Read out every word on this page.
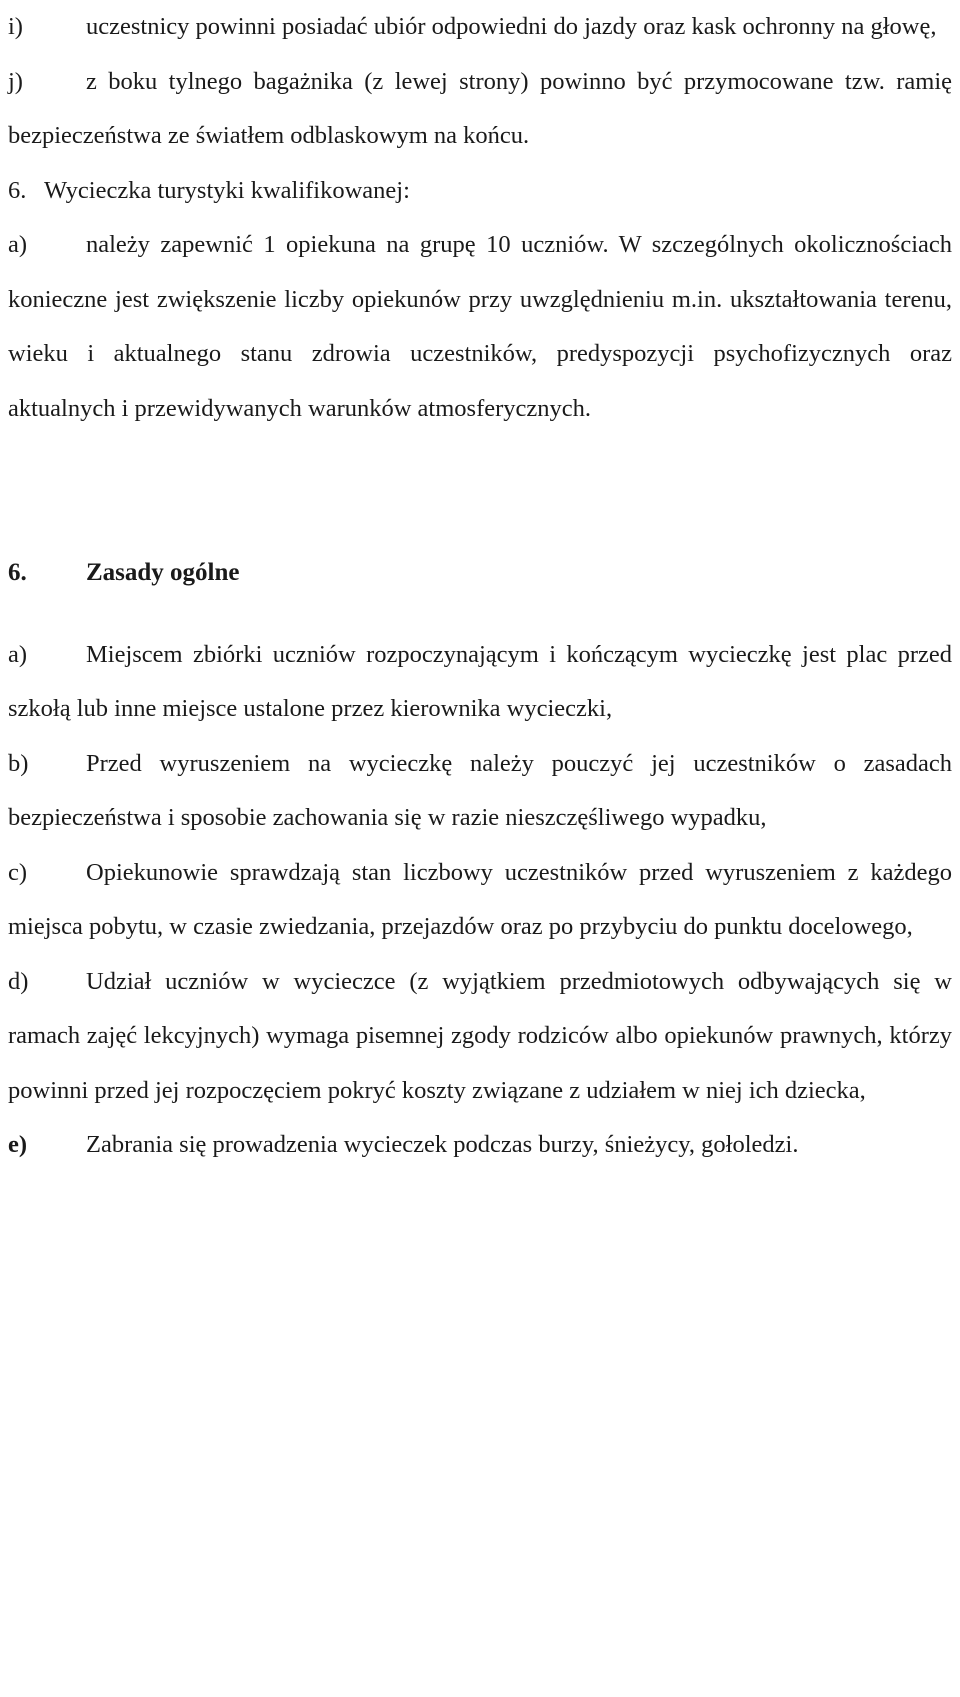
i)	uczestnicy powinni posiadać ubiór odpowiedni do jazdy oraz kask ochronny na głowę,

j)	z boku tylnego bagażnika (z lewej strony) powinno być przymocowane tzw. ramię bezpieczeństwa ze światłem odblaskowym na końcu.

6. Wycieczka turystyki kwalifikowanej:

a) należy zapewnić 1 opiekuna na grupę 10 uczniów. W szczególnych okolicznościach konieczne jest zwiększenie liczby opiekunów przy uwzględnieniu m.in. ukształtowania terenu, wieku i aktualnego stanu zdrowia uczestników, predyspozycji psychofizycznych oraz aktualnych i przewidywanych warunków atmosferycznych.

6. Zasady ogólne

a) Miejscem zbiórki uczniów rozpoczynającym i kończącym wycieczkę jest plac przed szkołą lub inne miejsce ustalone przez kierownika wycieczki,

b) Przed wyruszeniem na wycieczkę należy pouczyć jej uczestników o zasadach bezpieczeństwa i sposobie zachowania się w razie nieszczęśliwego wypadku,

c) Opiekunowie sprawdzają stan liczbowy uczestników przed wyruszeniem z każdego miejsca pobytu, w czasie zwiedzania, przejazdów oraz po przybyciu do punktu docelowego,

d) Udział uczniów w wycieczce (z wyjątkiem przedmiotowych odbywających się w ramach zajęć lekcyjnych) wymaga pisemnej zgody rodziców albo opiekunów prawnych, którzy powinni przed jej rozpoczęciem pokryć koszty związane z udziałem w niej ich dziecka,

e) Zabrania się prowadzenia wycieczek podczas burzy, śnieżycy, gołoledzi.
